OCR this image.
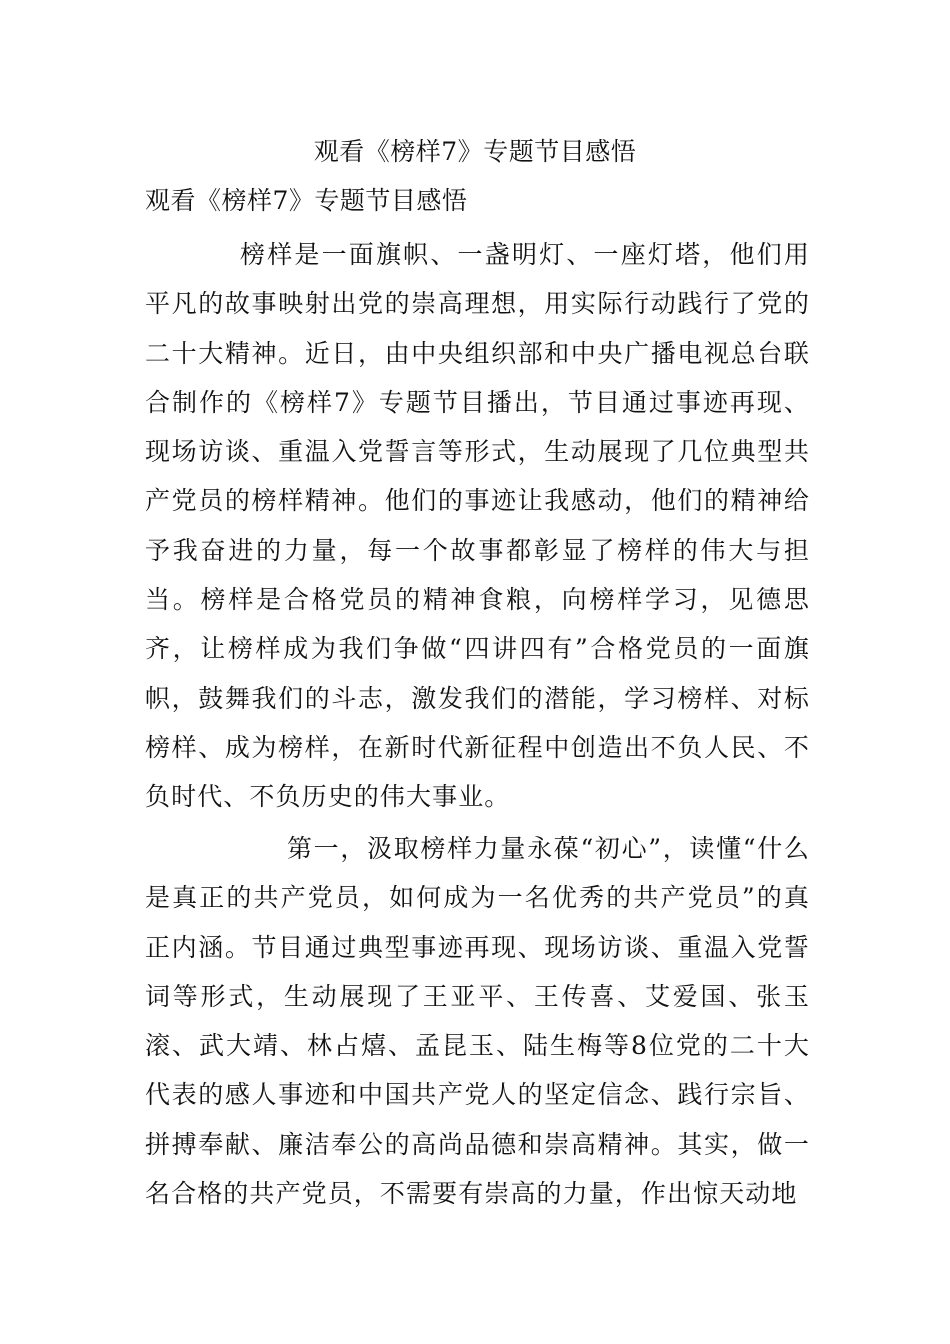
观看《榜样7》专题节目感悟
观看《榜样7》专题节目感悟

榜样是一面旗帜、一盏明灯、一座灯塔，他们用平凡的故事映射出党的崇高理想，用实际行动践行了党的二十大精神。近日，由中央组织部和中央广播电视总台联合制作的《榜样7》专题节目播出，节目通过事迹再现、现场访谈、重温入党誓言等形式，生动展现了几位典型共产党员的榜样精神。他们的事迹让我感动，他们的精神给予我奋进的力量，每一个故事都彰显了榜样的伟大与担当。榜样是合格党员的精神食粮，向榜样学习，见德思齐，让榜样成为我们争做“四讲四有”合格党员的一面旗帜，鼓舞我们的斗志，激发我们的潜能，学习榜样、对标榜样、成为榜样，在新时代新征程中创造出不负人民、不负时代、不负历史的伟大事业。

第一，汲取榜样力量永葆“初心”，读懂“什么是真正的共产党员，如何成为一名优秀的共产党员”的真正内涵。节目通过典型事迹再现、现场访谈、重温入党誓词等形式，生动展现了王亚平、王传喜、艾爱国、张玉滚、武大靖、林占熺、孟昆玉、陆生梅等8位党的二十大代表的感人事迹和中国共产党人的坚定信念、践行宗旨、拼搏奉献、廉洁奉公的高尚品德和崇高精神。其实，做一名合格的共产党员，不需要有崇高的力量，作出惊天动地
